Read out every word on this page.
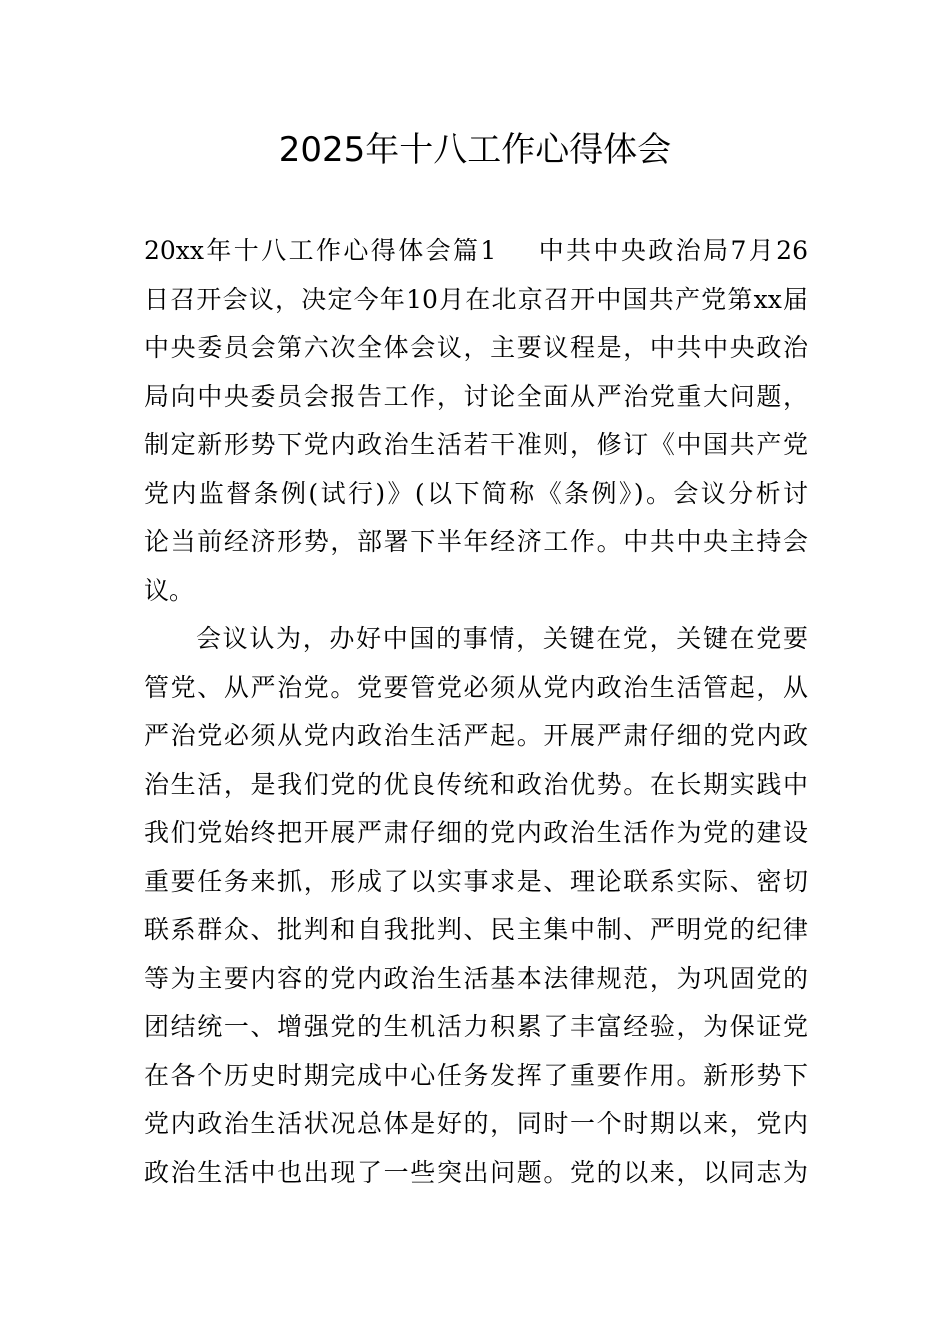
2025年十八工作心得体会
20xx年十八工作心得体会篇1 中共中央政治局7月26
日召开会议，决定今年10月在北京召开中国共产党第xx届
中央委员会第六次全体会议，主要议程是，中共中央政治
局向中央委员会报告工作，讨论全面从严治党重大问题，
制定新形势下党内政治生活若干准则，修订《中国共产党
党内监督条例(试行)》(以下简称《条例》)。会议分析讨
论当前经济形势，部署下半年经济工作。中共中央主持会
议。
会议认为，办好中国的事情，关键在党，关键在党要
管党、从严治党。党要管党必须从党内政治生活管起，从
严治党必须从党内政治生活严起。开展严肃仔细的党内政
治生活，是我们党的优良传统和政治优势。在长期实践中
我们党始终把开展严肃仔细的党内政治生活作为党的建设
重要任务来抓，形成了以实事求是、理论联系实际、密切
联系群众、批判和自我批判、民主集中制、严明党的纪律
等为主要内容的党内政治生活基本法律规范，为巩固党的
团结统一、增强党的生机活力积累了丰富经验，为保证党
在各个历史时期完成中心任务发挥了重要作用。新形势下
党内政治生活状况总体是好的，同时一个时期以来，党内
政治生活中也出现了一些突出问题。党的以来，以同志为
